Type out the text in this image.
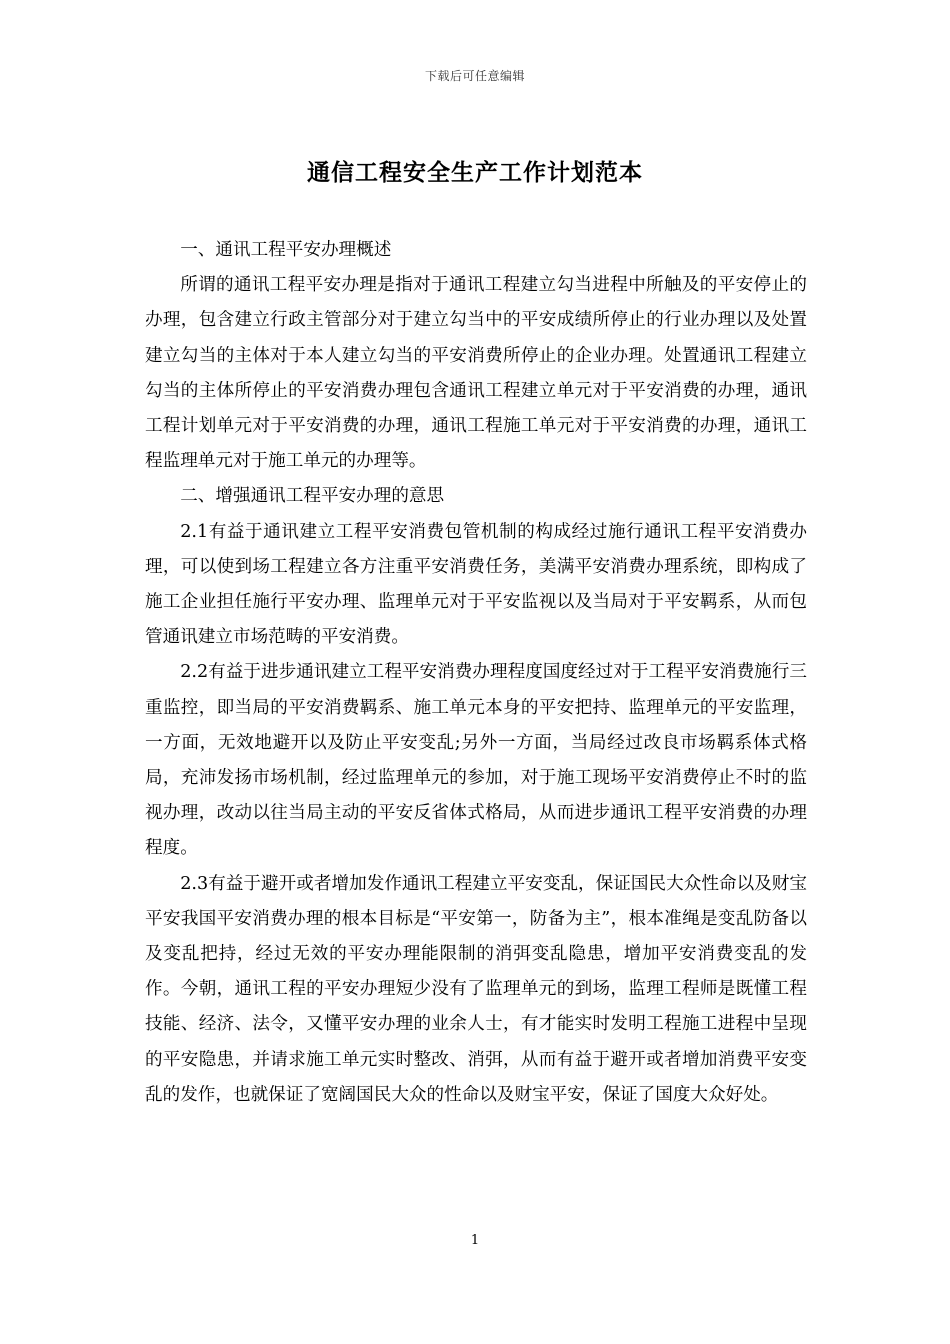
下载后可任意编辑
通信工程安全生产工作计划范本

一、通讯工程平安办理概述

所谓的通讯工程平安办理是指对于通讯工程建立勾当进程中所触及的平安停止的办理，包含建立行政主管部分对于建立勾当中的平安成绩所停止的行业办理以及处置建立勾当的主体对于本人建立勾当的平安消费所停止的企业办理。处置通讯工程建立勾当的主体所停止的平安消费办理包含通讯工程建立单元对于平安消费的办理，通讯工程计划单元对于平安消费的办理，通讯工程施工单元对于平安消费的办理，通讯工程监理单元对于施工单元的办理等。

二、增强通讯工程平安办理的意思

2.1有益于通讯建立工程平安消费包管机制的构成经过施行通讯工程平安消费办理，可以使到场工程建立各方注重平安消费任务，美满平安消费办理系统，即构成了施工企业担任施行平安办理、监理单元对于平安监视以及当局对于平安羁系，从而包管通讯建立市场范畴的平安消费。

2.2有益于进步通讯建立工程平安消费办理程度国度经过对于工程平安消费施行三重监控，即当局的平安消费羁系、施工单元本身的平安把持、监理单元的平安监理，一方面，无效地避开以及防止平安变乱;另外一方面，当局经过改良市场羁系体式格局，充沛发扬市场机制，经过监理单元的参加，对于施工现场平安消费停止不时的监视办理，改动以往当局主动的平安反省体式格局，从而进步通讯工程平安消费的办理程度。

2.3有益于避开或者增加发作通讯工程建立平安变乱，保证国民大众性命以及财宝平安我国平安消费办理的根本目标是“平安第一，防备为主”，根本准绳是变乱防备以及变乱把持，经过无效的平安办理能限制的消弭变乱隐患，增加平安消费变乱的发作。今朝，通讯工程的平安办理短少没有了监理单元的到场，监理工程师是既懂工程技能、经济、法令，又懂平安办理的业余人士，有才能实时发明工程施工进程中呈现的平安隐患，并请求施工单元实时整改、消弭，从而有益于避开或者增加消费平安变乱的发作，也就保证了宽阔国民大众的性命以及财宝平安，保证了国度大众好处。

1
